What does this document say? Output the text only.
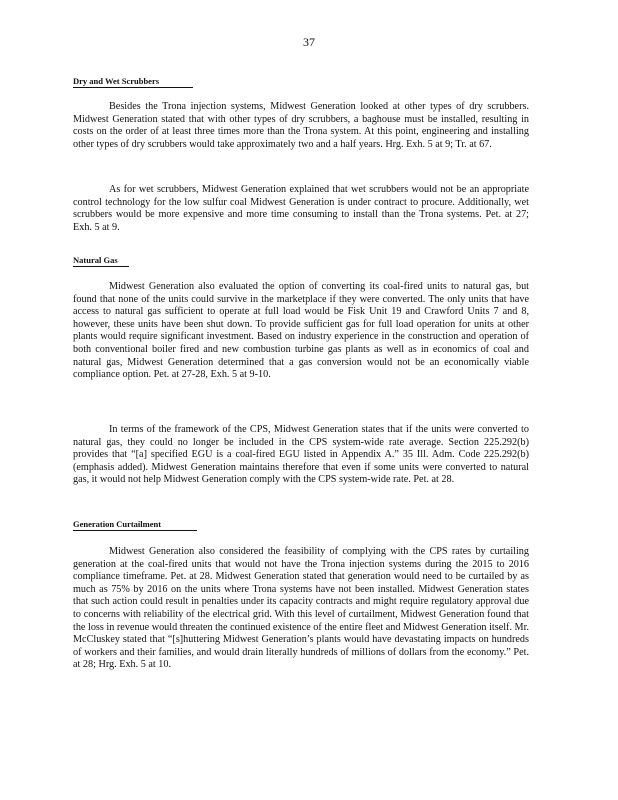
37
Dry and Wet Scrubbers

Besides the Trona injection systems, Midwest Generation looked at other types of dry scrubbers. Midwest Generation stated that with other types of dry scrubbers, a baghouse must be installed, resulting in costs on the order of at least three times more than the Trona system. At this point, engineering and installing other types of dry scrubbers would take approximately two and a half years. Hrg. Exh. 5 at 9; Tr. at 67.

As for wet scrubbers, Midwest Generation explained that wet scrubbers would not be an appropriate control technology for the low sulfur coal Midwest Generation is under contract to procure. Additionally, wet scrubbers would be more expensive and more time consuming to install than the Trona systems. Pet. at 27; Exh. 5 at 9.

Natural Gas

Midwest Generation also evaluated the option of converting its coal-fired units to natural gas, but found that none of the units could survive in the marketplace if they were converted. The only units that have access to natural gas sufficient to operate at full load would be Fisk Unit 19 and Crawford Units 7 and 8, however, these units have been shut down. To provide sufficient gas for full load operation for units at other plants would require significant investment. Based on industry experience in the construction and operation of both conventional boiler fired and new combustion turbine gas plants as well as in economics of coal and natural gas, Midwest Generation determined that a gas conversion would not be an economically viable compliance option. Pet. at 27-28, Exh. 5 at 9-10.

In terms of the framework of the CPS, Midwest Generation states that if the units were converted to natural gas, they could no longer be included in the CPS system-wide rate average. Section 225.292(b) provides that “[a] specified EGU is a coal-fired EGU listed in Appendix A.” 35 Ill. Adm. Code 225.292(b) (emphasis added). Midwest Generation maintains therefore that even if some units were converted to natural gas, it would not help Midwest Generation comply with the CPS system-wide rate. Pet. at 28.

Generation Curtailment

Midwest Generation also considered the feasibility of complying with the CPS rates by curtailing generation at the coal-fired units that would not have the Trona injection systems during the 2015 to 2016 compliance timeframe. Pet. at 28. Midwest Generation stated that generation would need to be curtailed by as much as 75% by 2016 on the units where Trona systems have not been installed. Midwest Generation states that such action could result in penalties under its capacity contracts and might require regulatory approval due to concerns with reliability of the electrical grid. With this level of curtailment, Midwest Generation found that the loss in revenue would threaten the continued existence of the entire fleet and Midwest Generation itself. Mr. McCluskey stated that “[s]huttering Midwest Generation’s plants would have devastating impacts on hundreds of workers and their families, and would drain literally hundreds of millions of dollars from the economy.” Pet. at 28; Hrg. Exh. 5 at 10.
